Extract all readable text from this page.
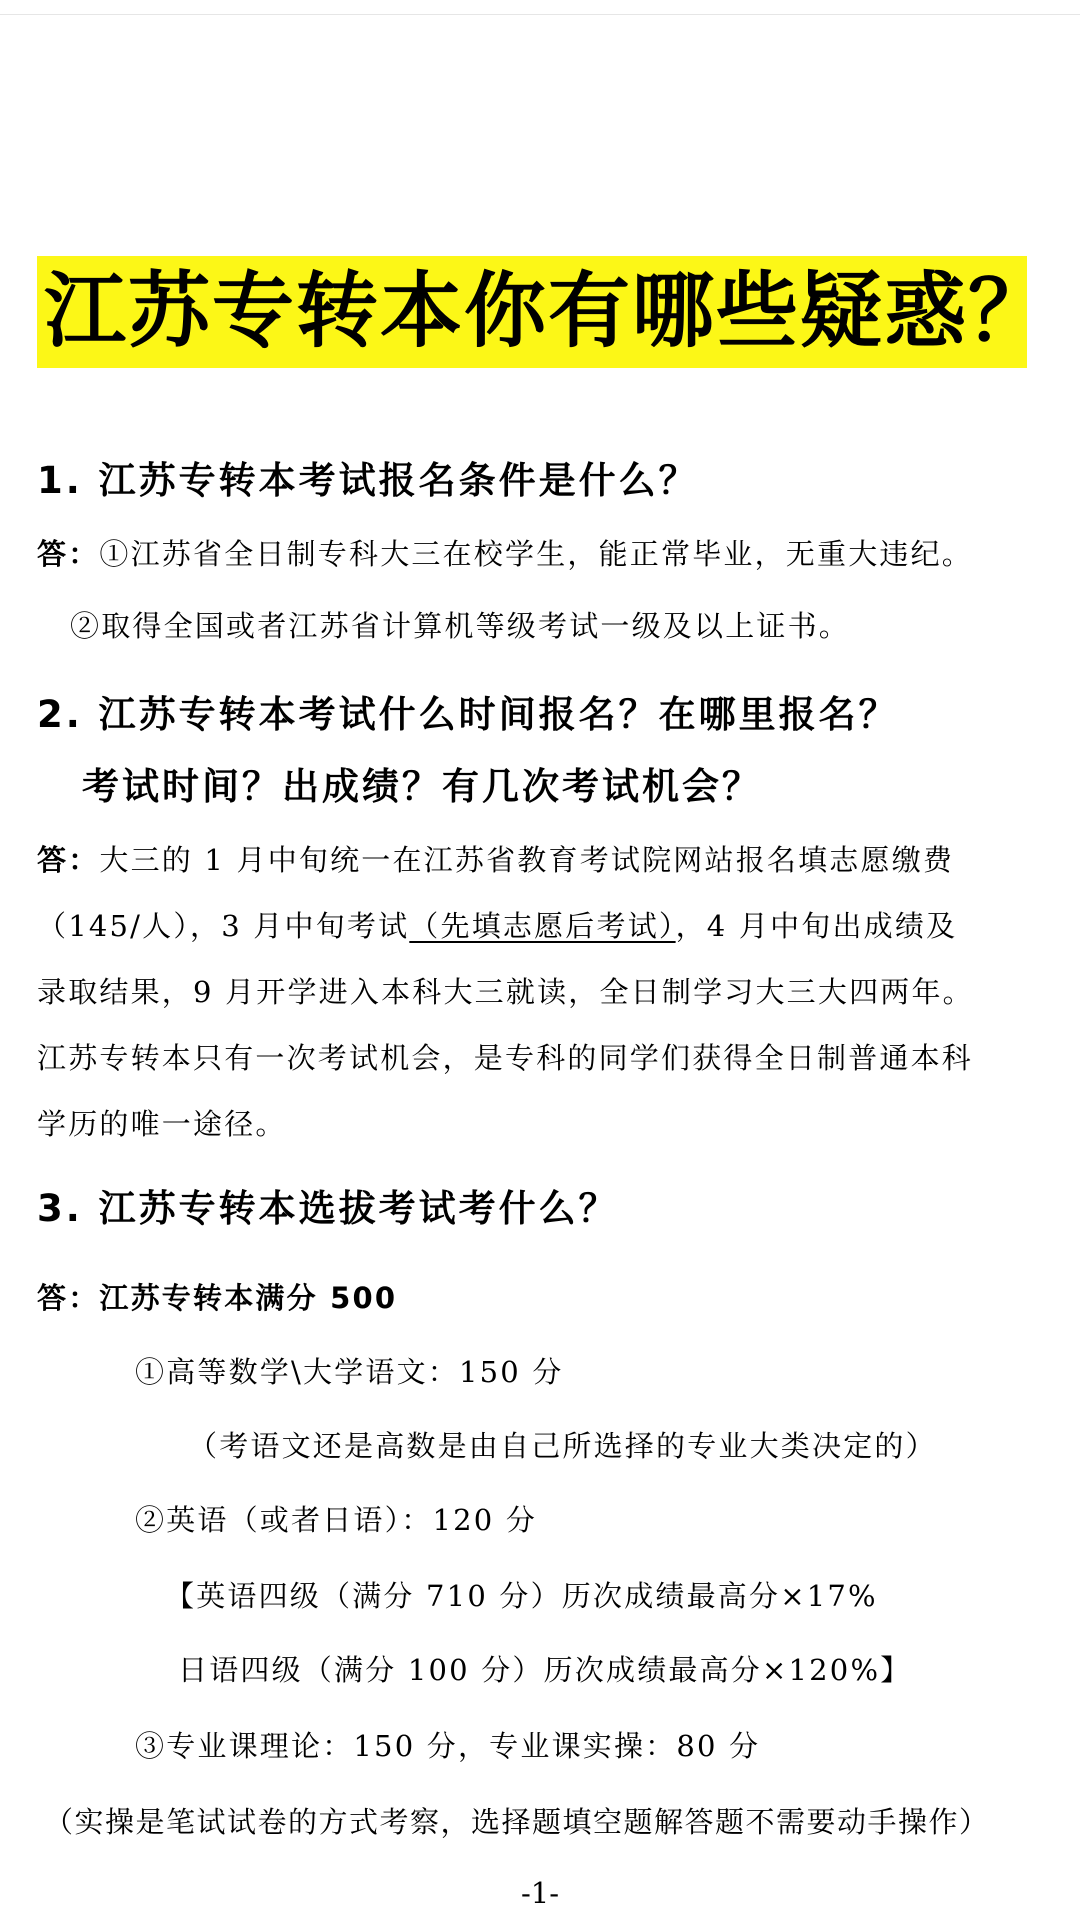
江苏专转本你有哪些疑惑？
1. 江苏专转本考试报名条件是什么？
答：①江苏省全日制专科大三在校学生，能正常毕业，无重大违纪。
②取得全国或者江苏省计算机等级考试一级及以上证书。
2. 江苏专转本考试什么时间报名？在哪里报名？
考试时间？出成绩？有几次考试机会？
答：大三的 1 月中旬统一在江苏省教育考试院网站报名填志愿缴费
（145/人），3 月中旬考试（先填志愿后考试），4 月中旬出成绩及
录取结果，9 月开学进入本科大三就读，全日制学习大三大四两年。
江苏专转本只有一次考试机会，是专科的同学们获得全日制普通本科
学历的唯一途径。
3. 江苏专转本选拔考试考什么？
答：江苏专转本满分 500
①高等数学\大学语文：150 分
（考语文还是高数是由自己所选择的专业大类决定的）
②英语（或者日语）：120 分
【英语四级（满分 710 分）历次成绩最高分×17%
日语四级（满分 100 分）历次成绩最高分×120%】
③专业课理论：150 分，专业课实操：80 分
（实操是笔试试卷的方式考察，选择题填空题解答题不需要动手操作）
-1-
